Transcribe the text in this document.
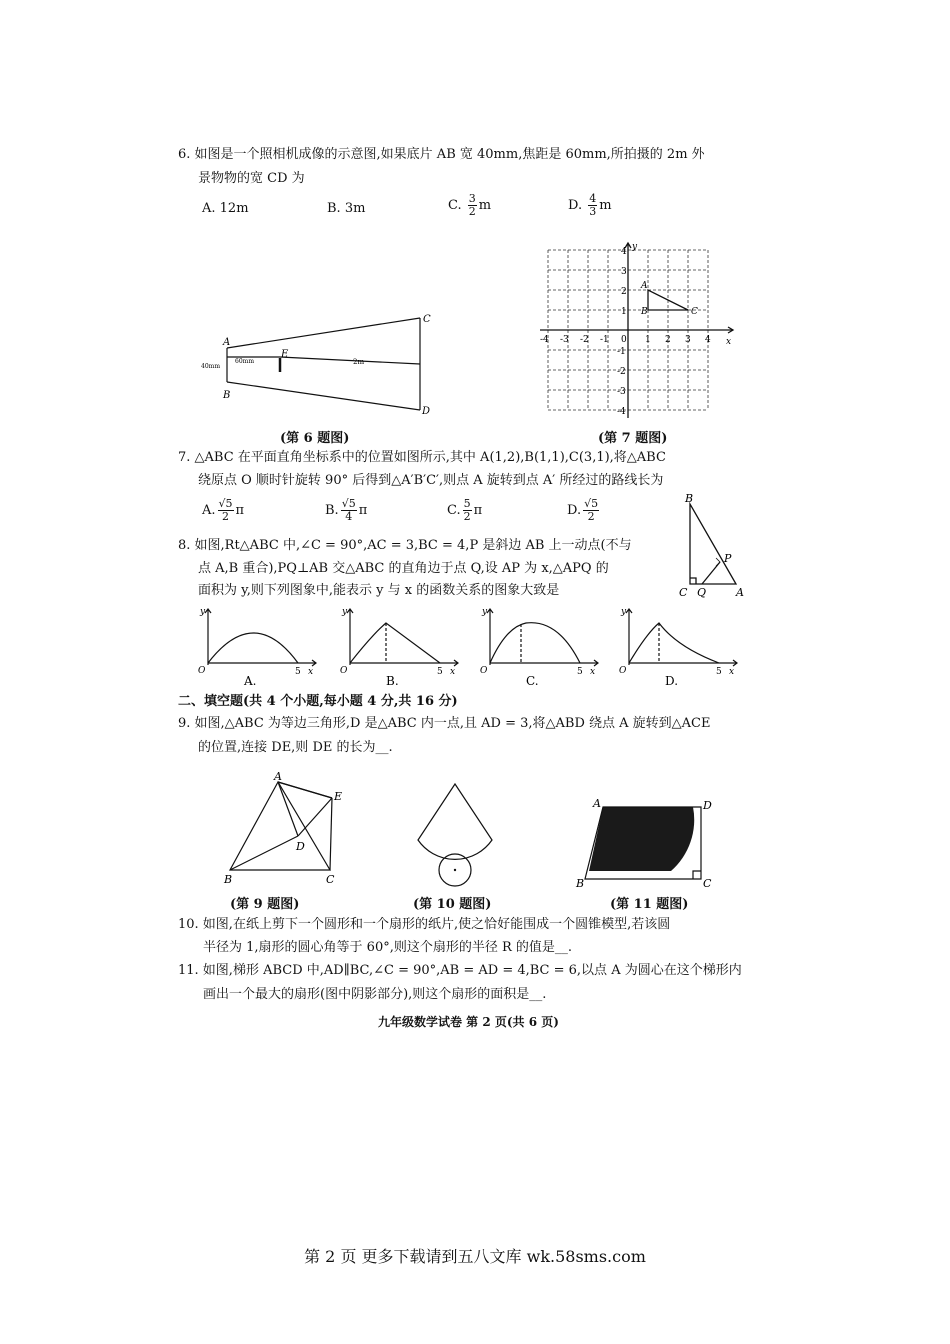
6. 如图是一个照相机成像的示意图,如果底片 AB 宽 40mm,焦距是 60mm,所拍摄的 2m 外
景物物的宽 CD 为
A. 12m	B. 3m	C. $\frac{3}{2}$ m	D. $\frac{4}{3}$ m
A
B
C
D
E
40mm
60mm	2m
(第 6 题图)
-4 -3 -2 -1 0 1 2 3 4
4
3
2
1
-1
-2
-3
-4
x
y
A
B	C
(第 7 题图)
7. △ABC 在平面直角坐标系中的位置如图所示,其中 A(1,2),B(1,1),C(3,1),将△ABC
绕原点 O 顺时针旋转 90° 后得到△A′B′C′,则点 A 旋转到点 A′ 所经过的路线长为
A. $\frac{√5}{2}$ π	B. $\frac{√5}{4}$ π	C. $\frac{5}{2}$ π	D. $\frac{√5}{2}$
8. 如图,Rt△ABC 中,∠C = 90°,AC = 3,BC = 4,P 是斜边 AB 上一动点(不与
点 A,B 重合),PQ⊥AB 交△ABC 的直角边于点 Q,设 AP 为 x,△APQ 的
面积为 y,则下列图象中,能表示 y 与 x 的函数关系的图象大致是
B
P
C Q	A
y
O	5 x
A.
y
O	5 x
B.
y
O	5 x
C.
y
O	5 x
D.
二、填空题(共 4 个小题,每小题 4 分,共 16 分)
9. 如图,△ABC 为等边三角形,D 是△ABC 内一点,且 AD = 3,将△ABD 绕点 A 旋转到△ACE
的位置,连接 DE,则 DE 的长为__.
A
E
D
B	C
(第 9 题图)	(第 10 题图)
A	D
B	C
(第 11 题图)
10. 如图,在纸上剪下一个圆形和一个扇形的纸片,使之恰好能围成一个圆锥模型,若该圆
半径为 1,扇形的圆心角等于 60°,则这个扇形的半径 R 的值是__.
11. 如图,梯形 ABCD 中,AD∥BC,∠C = 90°,AB = AD = 4,BC = 6,以点 A 为圆心在这个梯形内
画出一个最大的扇形(图中阴影部分),则这个扇形的面积是__.
九年级数学试卷 第 2 页(共 6 页)
第 2 页 更多下载请到五八文库 wk.58sms.com
